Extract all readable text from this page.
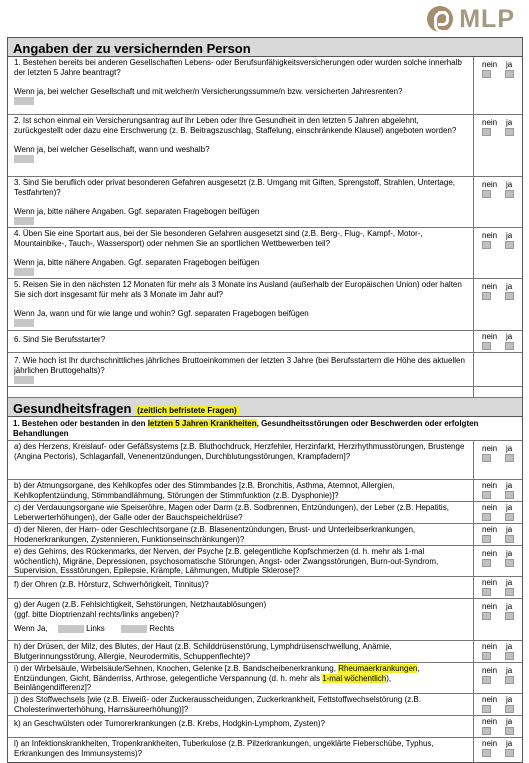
MLP
Angaben der zu versichernden Person
1. Bestehen bereits bei anderen Gesellschaften Lebens- oder Berufsunfähigkeitsversicherungen oder wurden solche innerhalb der letzten 5 Jahre beantragt?
Wenn ja, bei welcher Gesellschaft und mit welcher/n Versicherungssumme/n bzw. versicherten Jahresrenten?
nein ja
2. Ist schon einmal ein Versicherungsantrag auf Ihr Leben oder Ihre Gesundheit in den letzten 5 Jahren abgelehnt, zurückgestellt oder dazu eine Erschwerung (z. B. Beitragszuschlag, Staffelung, einschränkende Klausel) angeboten worden?
Wenn ja, bei welcher Gesellschaft, wann und weshalb?
nein ja
3. Sind Sie beruflich oder privat besonderen Gefahren ausgesetzt (z.B. Umgang mit Giften, Sprengstoff, Strahlen, Untertage, Testfahrten)?
Wenn ja, bitte nähere Angaben. Ggf. separaten Fragebogen beifügen
nein ja
4. Üben Sie eine Sportart aus, bei der Sie besonderen Gefahren ausgesetzt sind (z.B. Berg-, Flug-, Kampf-, Motor-, Mountainbike-, Tauch-, Wassersport) oder nehmen Sie an sportlichen Wettbewerben teil?
Wenn ja, bitte nähere Angaben. Ggf. separaten Fragebogen beifügen
nein ja
5. Reisen Sie in den nächsten 12 Monaten für mehr als 3 Monate ins Ausland (außerhalb der Europäischen Union) oder halten Sie sich dort insgesamt für mehr als 3 Monate im Jahr auf?
Wenn Ja, wann und für wie lange und wohin? Ggf. separaten Fragebogen beifügen
nein ja
6. Sind Sie Berufsstarter?	nein ja
7. Wie hoch ist Ihr durchschnittliches jährliches Bruttoeinkommen der letzten 3 Jahre (bei Berufsstartern die Höhe des aktuellen jährlichen Bruttogehalts)?
Gesundheitsfragen (zeitlich befristete Fragen)
1. Bestehen oder bestanden in den letzten 5 Jahren Krankheiten, Gesundheitsstörungen oder Beschwerden oder erfolgten Behandlungen
a) des Herzens, Kreislauf- oder Gefäßsystems [z.B. Bluthochdruck, Herzfehler, Herzinfarkt, Herzrhythmusstörungen, Brustenge (Angina Pectoris), Schlaganfall, Venenentzündungen, Durchblutungsstörungen, Krampfadern]?
nein ja
b) der Atmungsorgane, des Kehlkopfes oder des Stimmbandes [z.B. Bronchitis, Asthma, Atemnot, Allergien, Kehlkopfentzündung, Stimmbandlähmung, Störungen der Stimmfunktion (z.B. Dysphonie)]?
nein ja
c) der Verdauungsorgane wie Speiseröhre, Magen oder Darm (z.B. Sodbrennen, Entzündungen), der Leber (z.B. Hepatitis, Leberwerterhöhungen), der Galle oder der Bauchspeicheldrüse?
nein ja
d) der Nieren, der Harn- oder Geschlechtsorgane (z.B. Blasenentzündungen, Brust- und Unterleibserkrankungen, Hodenerkrankungen, Zystennieren, Funktionseinschränkungen)?
nein ja
e) des Gehirns, des Rückenmarks, der Nerven, der Psyche [z.B. gelegentliche Kopfschmerzen (d. h. mehr als 1-mal wöchentlich), Migräne, Depressionen, psychosomatische Störungen, Angst- oder Zwangsstörungen, Burn-out-Syndrom, Supervision, Essstörungen, Epilepsie, Krämpfe, Lähmungen, Multiple Sklerose]?
nein ja
f) der Ohren (z.B. Hörsturz, Schwerhörigkeit, Tinnitus)?	nein ja
g) der Augen (z.B. Fehlsichtigkeit, Sehstörungen, Netzhautablösungen)
(ggf. bitte Dioptrienzahl rechts/links angeben)?
Wenn Ja,	Links	Rechts
nein ja
h) der Drüsen, der Milz, des Blutes, der Haut (z.B. Schilddrüsenstörung, Lymphdrüsenschwellung, Anämie, Blutgerinnungsstörung, Allergie, Neurodermitis, Schuppenflechte)?
nein ja
i) der Wirbelsäule, Wirbelsäule/Sehnen, Knochen, Gelenke [z.B. Bandscheibenerkrankung, Rheumaerkrankungen, Entzündungen, Gicht, Bänderriss, Arthrose, gelegentliche Verspannung (d. h. mehr als 1-mal wöchentlich), Beinlängendifferenz]?
nein ja
j) des Stoffwechsels [wie (z.B. Eiweiß- oder Zuckerausscheidungen, Zuckerkrankheit, Fettstoffwechselstörung (z.B. Cholesterinwerterhöhung, Harnsäureerhöhung)]?
nein ja
k) an Geschwülsten oder Tumorerkrankungen (z.B. Krebs, Hodgkin-Lymphom, Zysten)?	nein ja
l) an Infektionskrankheiten, Tropenkrankheiten, Tuberkulose (z.B. Pilzerkrankungen, ungeklärte Fieberschübe, Typhus, Erkrankungen des Immunsystems)?
nein ja
